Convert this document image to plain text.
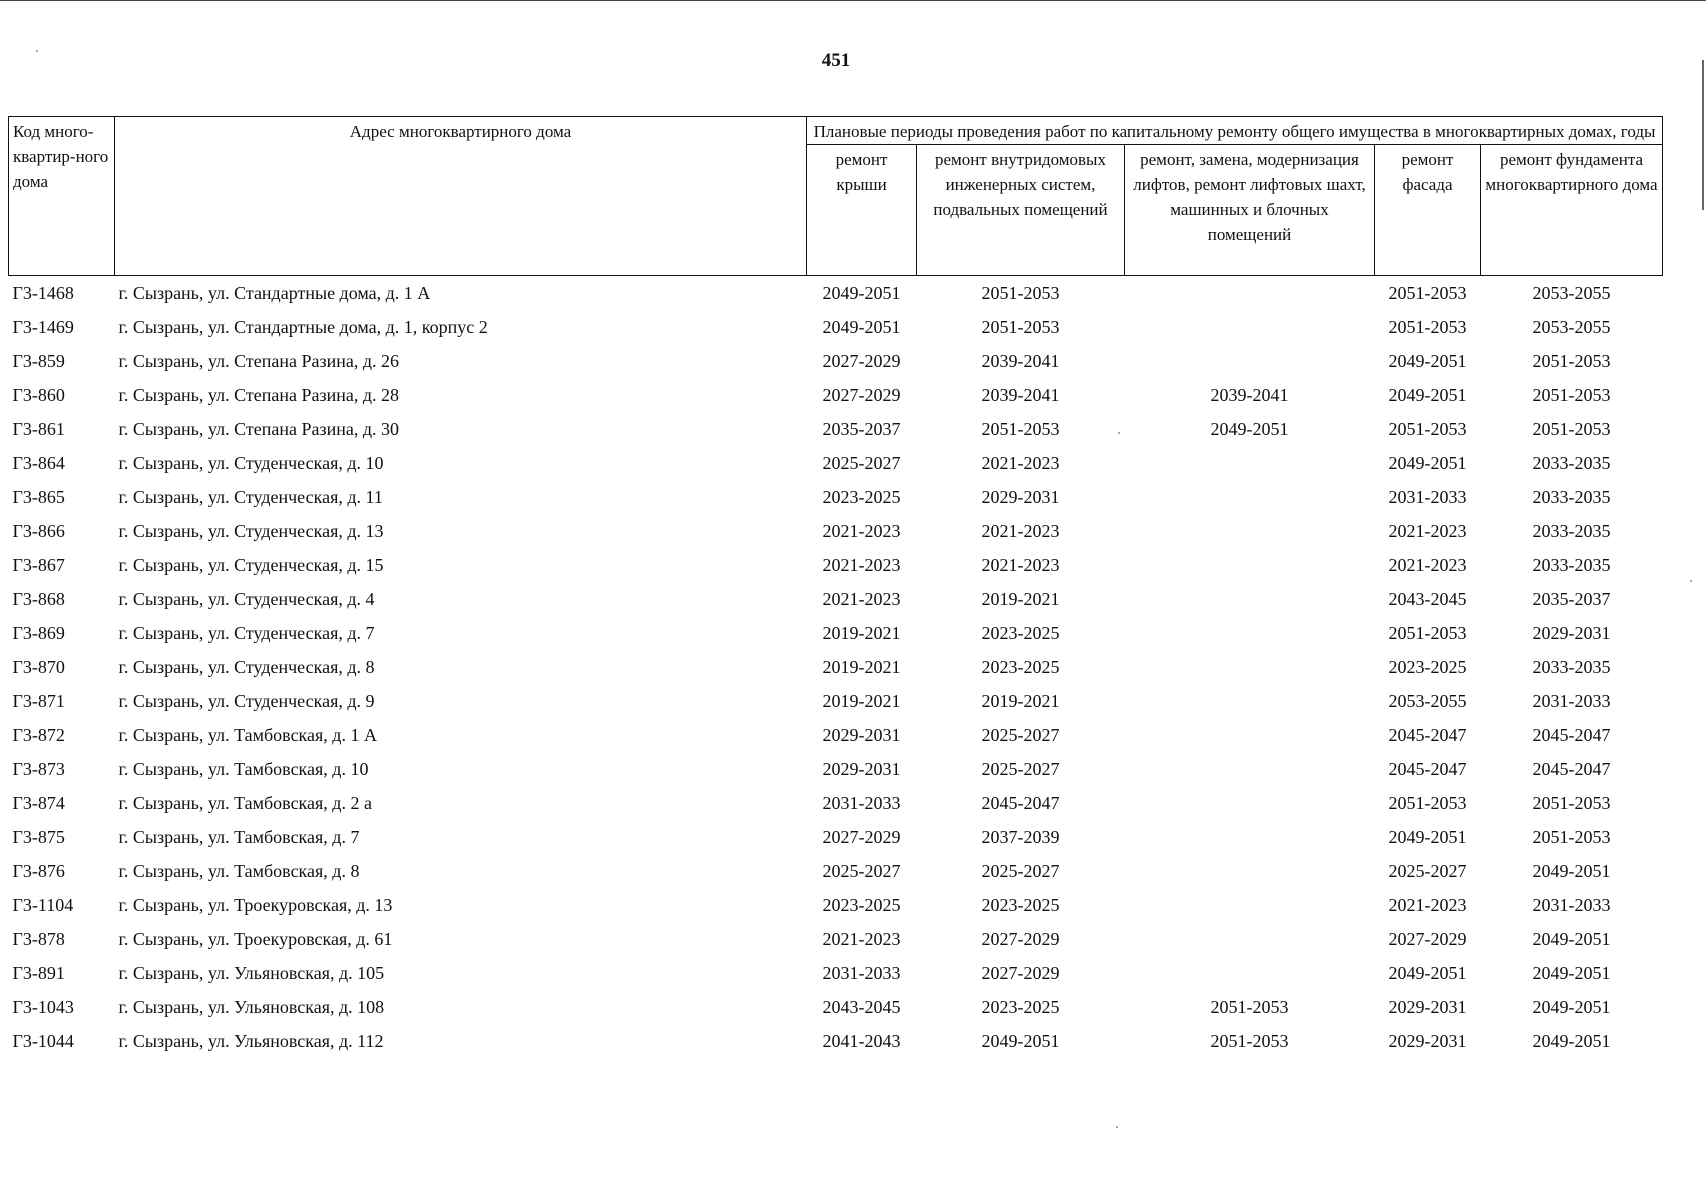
451
Код много-квартир-ного дома	Адрес многоквартирного дома	Плановые периоды проведения работ по капитальному ремонту общего имущества в многоквартирных домах, годы				
		ремонт крыши	ремонт внутридомовых инженерных систем, подвальных помещений	ремонт, замена, модернизация лифтов, ремонт лифтовых шахт, машинных и блочных помещений	ремонт фасада	ремонт фундамента многоквартирного дома
Г3-1468	г. Сызрань, ул. Стандартные дома, д. 1 А	2049-2051	2051-2053		2051-2053	2053-2055
Г3-1469	г. Сызрань, ул. Стандартные дома, д. 1, корпус 2	2049-2051	2051-2053		2051-2053	2053-2055
Г3-859	г. Сызрань, ул. Степана Разина, д. 26	2027-2029	2039-2041		2049-2051	2051-2053
Г3-860	г. Сызрань, ул. Степана Разина, д. 28	2027-2029	2039-2041	2039-2041	2049-2051	2051-2053
Г3-861	г. Сызрань, ул. Степана Разина, д. 30	2035-2037	2051-2053	2049-2051	2051-2053	2051-2053
Г3-864	г. Сызрань, ул. Студенческая, д. 10	2025-2027	2021-2023		2049-2051	2033-2035
Г3-865	г. Сызрань, ул. Студенческая, д. 11	2023-2025	2029-2031		2031-2033	2033-2035
Г3-866	г. Сызрань, ул. Студенческая, д. 13	2021-2023	2021-2023		2021-2023	2033-2035
Г3-867	г. Сызрань, ул. Студенческая, д. 15	2021-2023	2021-2023		2021-2023	2033-2035
Г3-868	г. Сызрань, ул. Студенческая, д. 4	2021-2023	2019-2021		2043-2045	2035-2037
Г3-869	г. Сызрань, ул. Студенческая, д. 7	2019-2021	2023-2025		2051-2053	2029-2031
Г3-870	г. Сызрань, ул. Студенческая, д. 8	2019-2021	2023-2025		2023-2025	2033-2035
Г3-871	г. Сызрань, ул. Студенческая, д. 9	2019-2021	2019-2021		2053-2055	2031-2033
Г3-872	г. Сызрань, ул. Тамбовская, д. 1 А	2029-2031	2025-2027		2045-2047	2045-2047
Г3-873	г. Сызрань, ул. Тамбовская, д. 10	2029-2031	2025-2027		2045-2047	2045-2047
Г3-874	г. Сызрань, ул. Тамбовская, д. 2 а	2031-2033	2045-2047		2051-2053	2051-2053
Г3-875	г. Сызрань, ул. Тамбовская, д. 7	2027-2029	2037-2039		2049-2051	2051-2053
Г3-876	г. Сызрань, ул. Тамбовская, д. 8	2025-2027	2025-2027		2025-2027	2049-2051
Г3-1104	г. Сызрань, ул. Троекуровская, д. 13	2023-2025	2023-2025		2021-2023	2031-2033
Г3-878	г. Сызрань, ул. Троекуровская, д. 61	2021-2023	2027-2029		2027-2029	2049-2051
Г3-891	г. Сызрань, ул. Ульяновская, д. 105	2031-2033	2027-2029		2049-2051	2049-2051
Г3-1043	г. Сызрань, ул. Ульяновская, д. 108	2043-2045	2023-2025	2051-2053	2029-2031	2049-2051
Г3-1044	г. Сызрань, ул. Ульяновская, д. 112	2041-2043	2049-2051	2051-2053	2029-2031	2049-2051
